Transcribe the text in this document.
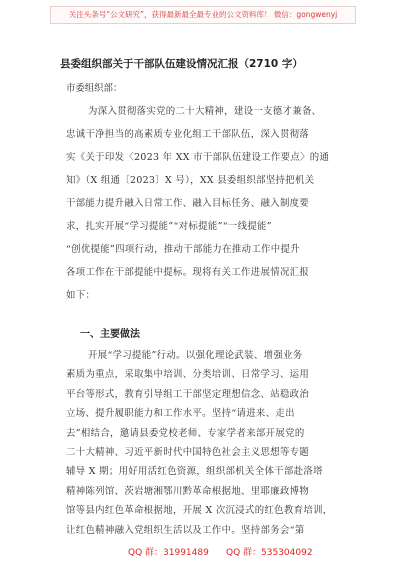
关注头条号“公文研究”，获得最新最全最专业的公文资料库！ 微信：gongwenyj
县委组织部关于干部队伍建设情况汇报（2710 字）
市委组织部：
为深入贯彻落实党的二十大精神，建设一支德才兼备、
忠诚干净担当的高素质专业化组工干部队伍，深入贯彻落
实《关于印发〈2023 年 XX 市干部队伍建设工作要点〉的通
知》（X 组通〔2023〕X 号），XX 县委组织部坚持把机关
干部能力提升融入日常工作、融入目标任务、融入制度要
求，扎实开展“学习提能”“对标提能”“一线提能”
“创优提能”四项行动，推动干部能力在推动工作中提升
各项工作在干部提能中提标。现将有关工作进展情况汇报
如下：
一、主要做法
开展“学习提能”行动。以强化理论武装、增强业务
素质为重点，采取集中培训、分类培训、日常学习、运用
平台等形式，教育引导组工干部坚定理想信念、站稳政治
立场、提升履职能力和工作水平。坚持“请进来、走出
去”相结合，邀请县委党校老师、专家学者来部开展党的
二十大精神、习近平新时代中国特色社会主义思想等专题
辅导 X 期；用好用活红色资源，组织部机关全体干部赴洛塔
精神陈列馆、茨岩塘湘鄂川黔革命根据地、里耶廉政博物
馆等县内红色革命根据地，开展 X 次沉浸式的红色教育培训，
让红色精神融入党组织生活以及工作中。坚持部务会“第
QQ 群：31991489 QQ 群：535304092
